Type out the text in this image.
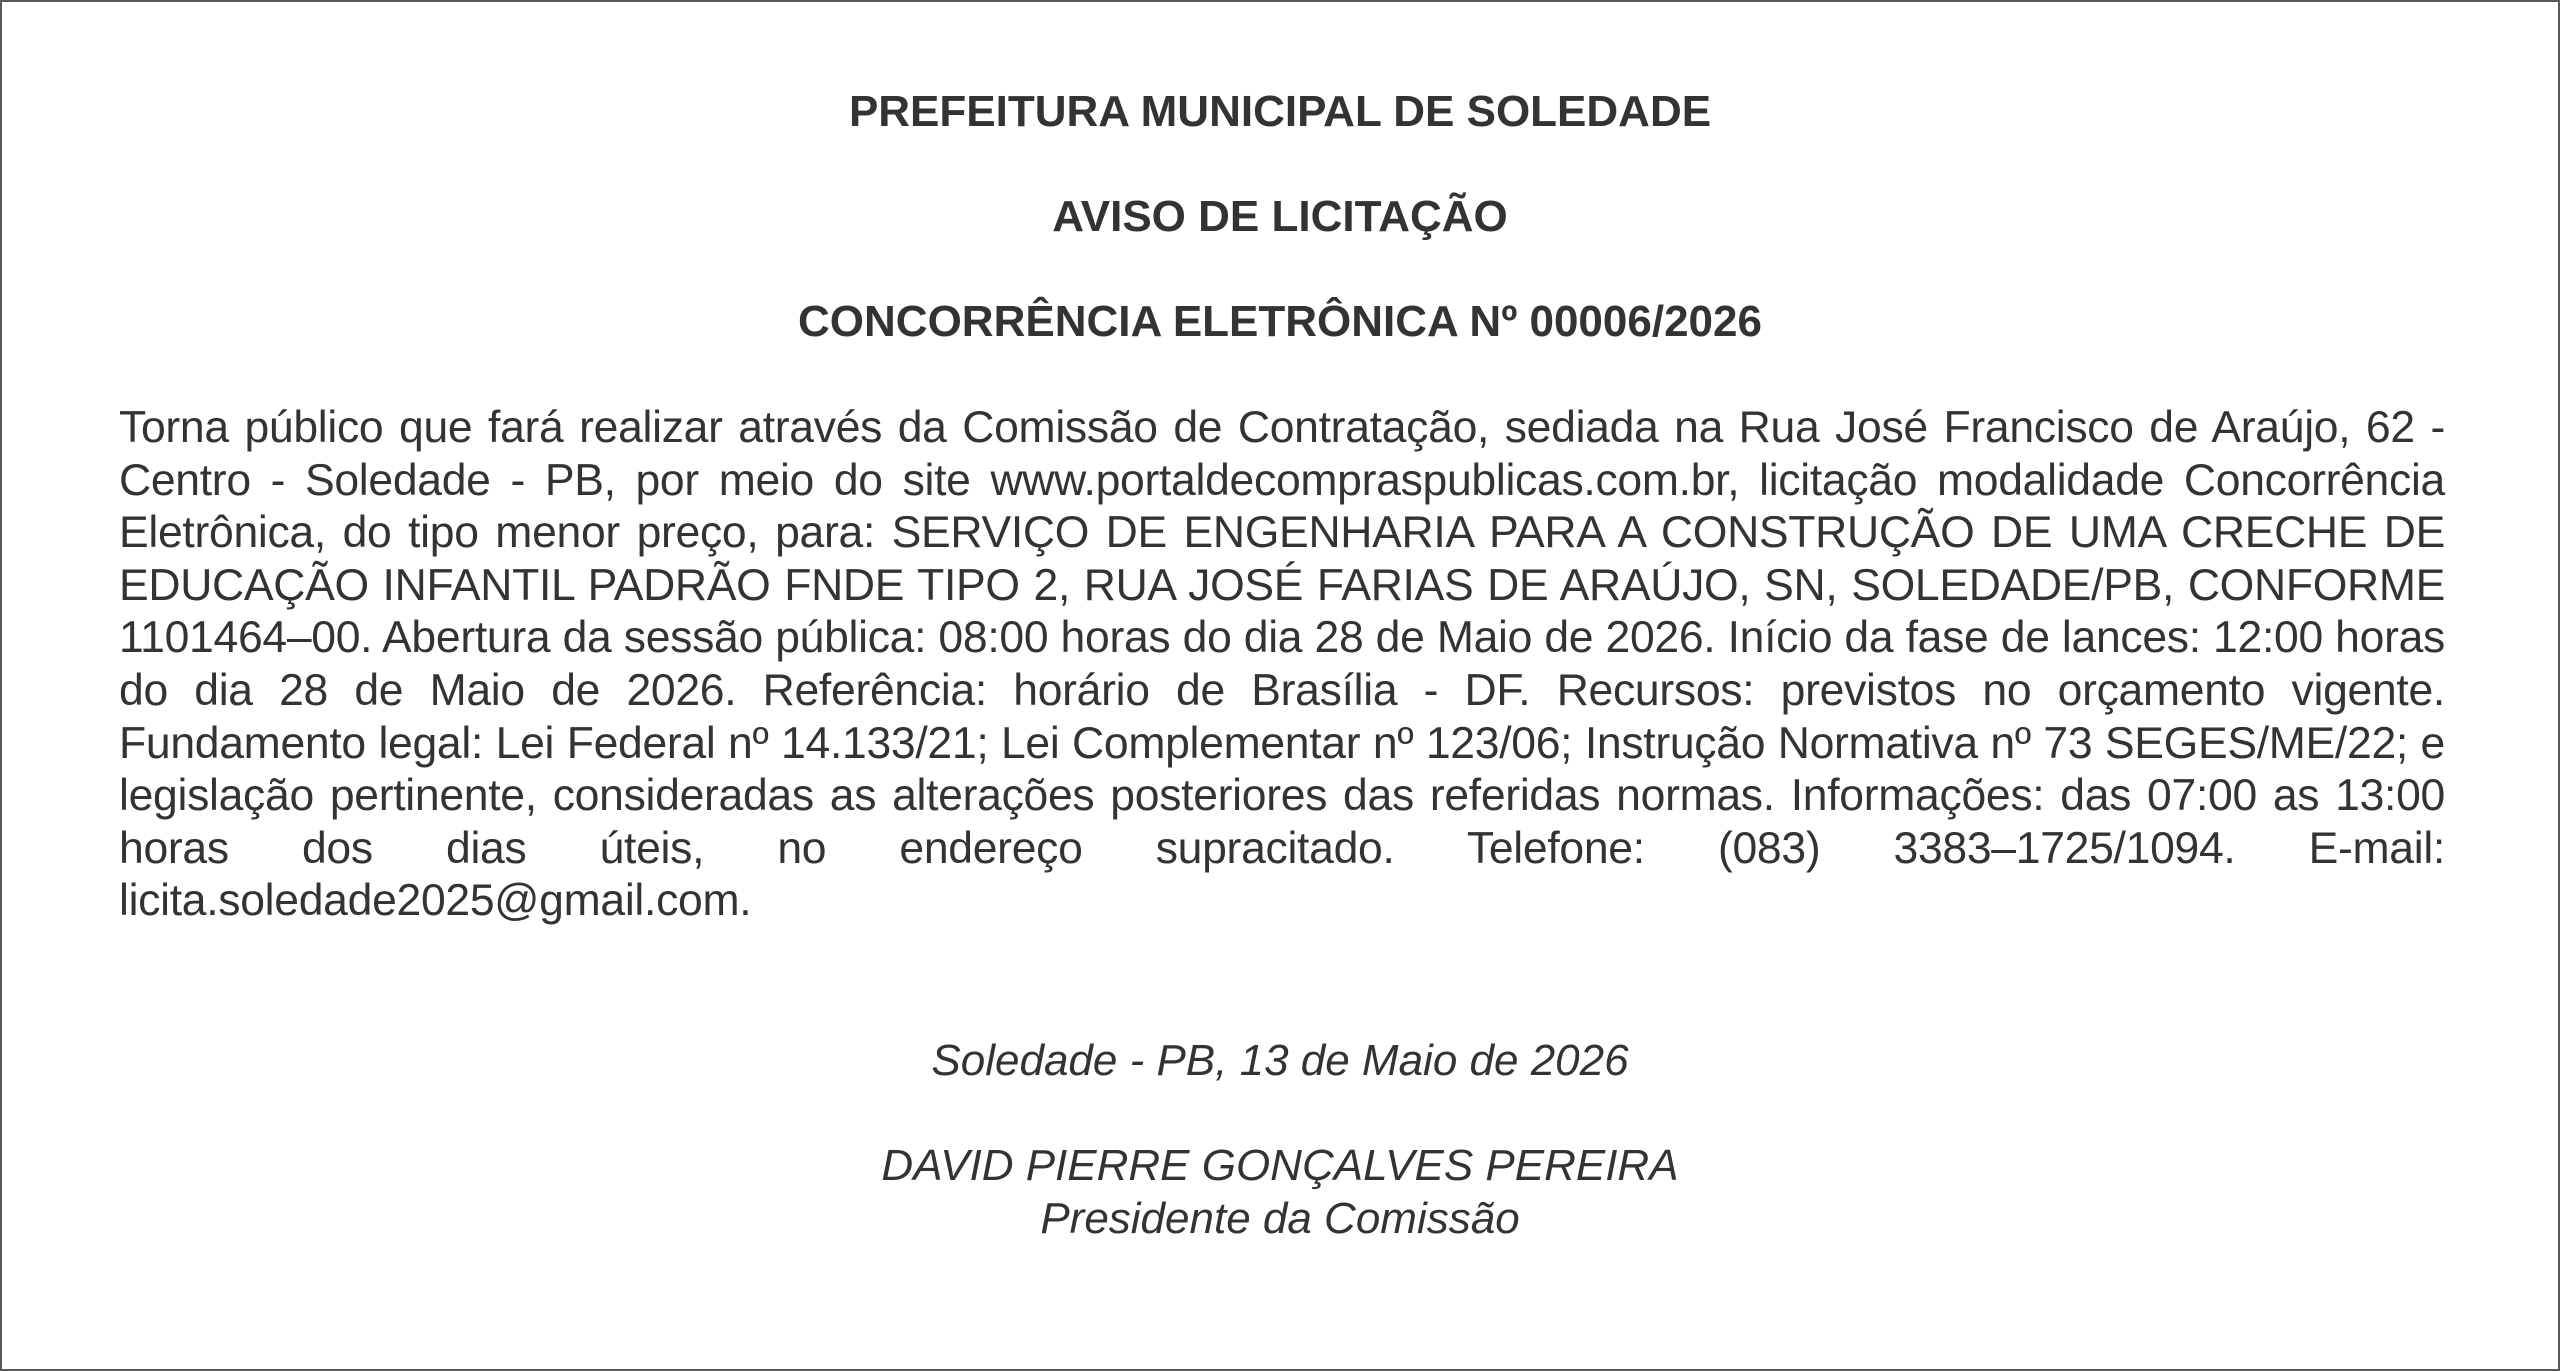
PREFEITURA MUNICIPAL DE SOLEDADE
AVISO DE LICITAÇÃO
CONCORRÊNCIA ELETRÔNICA Nº 00006/2026

Torna público que fará realizar através da Comissão de Contratação, sediada na Rua José Francisco de Araújo, 62 - Centro - Soledade - PB, por meio do site www.portaldecompraspublicas.com.br, licitação modalidade Concorrência Eletrônica, do tipo menor preço, para: SERVIÇO DE ENGENHARIA PARA A CONSTRUÇÃO DE UMA CRECHE DE EDUCAÇÃO INFANTIL PADRÃO FNDE TIPO 2, RUA JOSÉ FARIAS DE ARAÚJO, SN, SOLEDADE/PB, CONFORME 1101464–00. Abertura da sessão pública: 08:00 horas do dia 28 de Maio de 2026. Início da fase de lances: 12:00 horas do dia 28 de Maio de 2026. Referência: horário de Brasília - DF. Recursos: previstos no orçamento vigente. Fundamento legal: Lei Federal nº 14.133/21; Lei Complementar nº 123/06; Instrução Normativa nº 73 SEGES/ME/22; e legislação pertinente, consideradas as alterações posteriores das referidas normas. Informações: das 07:00 as 13:00 horas dos dias úteis, no endereço supracitado. Telefone: (083) 3383–1725/1094. E-mail: licita.soledade2025@gmail.com.

Soledade - PB, 13 de Maio de 2026

DAVID PIERRE GONÇALVES PEREIRA

Presidente da Comissão
